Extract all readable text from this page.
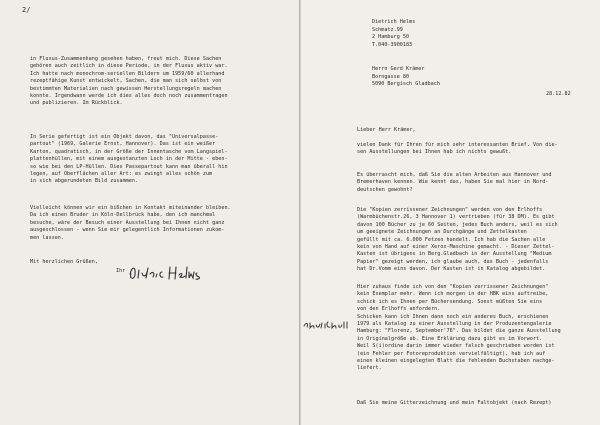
2/

in Fluxus-Zusammenhang gesehen haben, freut mich. Diese Sachen
gehören auch zeitlich in diese Periode, in der Fluxus aktiv war.
Ich hatte nach monochrom-seriellen Bildern um 1959/60 allerhand
rezeptfähige Kunst entwickelt, Sachen, die man sich selbst von
bestimmten Materialien nach gewissen Herstellungsregeln machen
konnte. Irgendwann werde ich dies alles doch noch zusammentragen
und publizieren. Im Rückblick.

In Serie gefertigt ist ein Objekt davon, das "Universalpasse-
partout" (1969, Galerie Ernst, Hannover). Das ist ein weißer
Karton, quadratisch, in der Größe der Innentasche vom Langspiel-
plattenhüllen, mit einem ausgestanzten Loch in der Mitte - eben-
so wie bei den LP-Hüllen. Dies Passepartout kann man überall hin
legen, auf Oberflächen aller Art: es zwingt alles schön zum
in sich abgerundeten Bild zusammen.

Vielleicht können wir ein bißchen in Kontakt miteinander bleiben.
Da ich einen Bruder in Köln-Dellbrück habe, den ich manchmal
besuche, wäre der Besuch einer Ausstellung bei Ihnen nicht ganz
ausgeschlossen - wenn Sie mir gelegentlich Informationen zukom-
men lassen.

Mit herzlichen Grüßen,

Ihr

Dietrich Helms
Schmatz.99
2 Hamburg 50
T.040-3900183

Herrn Gerd Krämer
Borngasse 80
5090 Bergisch Gladbach

28.12.82

Lieber Herr Krämer,

vielen Dank für Ihren für mich sehr interessanten Brief. Von die-
sen Ausstellungen bei Ihnen hab ich nichts gewußt.

Es überrascht mich, daß Sie die alten Arbeiten aus Hannover und
Bremerhaven kennen. Wie kennt das, haben Sie mal hier in Nord-
deutschen gewohnt?

Die "Kopien zerrissener Zeichnungen" werden von den Erlhoffs
(Warmbüchenstr.26, 3 Hannover 1) vertrieben (für 38 DM). Es gibt
davon 100 Bücher zu je 60 Seiten, jedes Buch anders, weil es sich
um geeignete Zeichnungen an Durchgänge und Zettelkasten
gefüllt mit ca. 6.000 Fetzen handelt. Ich hab die Sachen alle
kein von Hand auf einer Xerox-Maschine gemacht. - Dieser Zettel-
Kasten ist übrigens in Berg.Gladbach in der Ausstellung "Medium
Papier" gezeigt werden, ich glaube auch, das Buch - jedenfalls
hat Dr.Vomm eins davon. Der Kasten ist in Katalog abgebildet.

Hier zuhaus finde ich von den "Kopien zerrissener Zeichnungen"
kein Exemplar mehr. Wenn ich morgen in der HBK eins auftreibe,
schick ich es Ihnen per Büchersendung. Sonst müßten Sie eins
von den Erlhoffs anfordern.
Schicken kann ich Ihnen dann noch ein anderes Buch, erschienen
1979 als Katalog zu einer Ausstellung in der Produzentengalerie
Hamburg: "Florenz, September'76". Das bildet die ganze Ausstellung
in Originalgröße ab. Eine Erklärung dazu gibt es im Vorwort.
Weil S(i)ordine darin immer wieder falsch geschrieben worden ist
(ein Fehler per Fotoreproduktion vervielfältigt), hab ich auf
einen kleinen eingelegten Blatt die fehlenden Buchstaben nachge-
liefert.

Daß Sie meine Gitterzeichnung und mein Faltobjekt (nach Rezept)
